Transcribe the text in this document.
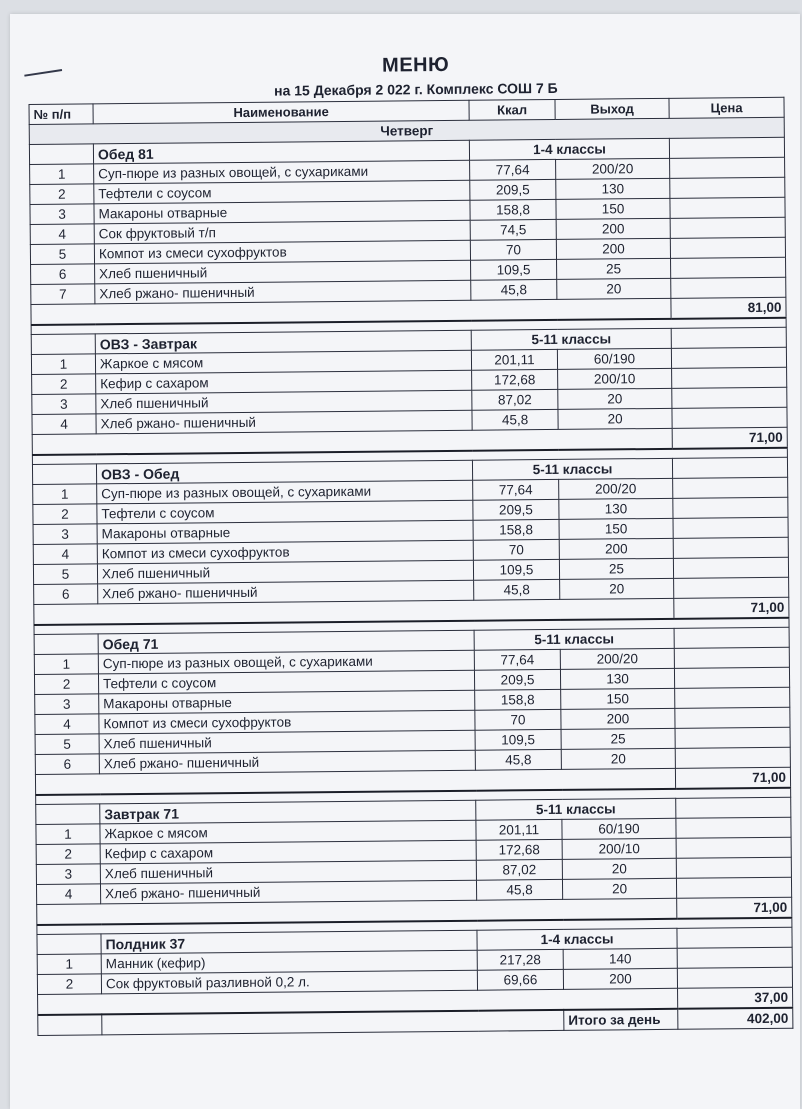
МЕНЮ
на 15 Декабря 2 022 г. Комплекс СОШ 7 Б
№ п/п	Наименование	Ккал	Выход	Цена
Четверг				
	Обед 81	1-4 классы		
1	Суп-пюре из разных овощей, с сухариками	77,64	200/20	
2	Тефтели с соусом	209,5	130	
3	Макароны отварные	158,8	150	
4	Сок фруктовый т/п	74,5	200	
5	Компот из смеси сухофруктов	70	200	
6	Хлеб пшеничный	109,5	25	
7	Хлеб ржано- пшеничный	45,8	20	
				81,00

	ОВЗ - Завтрак	5-11 классы		
1	Жаркое с мясом	201,11	60/190	
2	Кефир с сахаром	172,68	200/10	
3	Хлеб пшеничный	87,02	20	
4	Хлеб ржано- пшеничный	45,8	20	
				71,00

	ОВЗ - Обед	5-11 классы		
1	Суп-пюре из разных овощей, с сухариками	77,64	200/20	
2	Тефтели с соусом	209,5	130	
3	Макароны отварные	158,8	150	
4	Компот из смеси сухофруктов	70	200	
5	Хлеб пшеничный	109,5	25	
6	Хлеб ржано- пшеничный	45,8	20	
				71,00

	Обед 71	5-11 классы		
1	Суп-пюре из разных овощей, с сухариками	77,64	200/20	
2	Тефтели с соусом	209,5	130	
3	Макароны отварные	158,8	150	
4	Компот из смеси сухофруктов	70	200	
5	Хлеб пшеничный	109,5	25	
6	Хлеб ржано- пшеничный	45,8	20	
				71,00

	Завтрак 71	5-11 классы		
1	Жаркое с мясом	201,11	60/190	
2	Кефир с сахаром	172,68	200/10	
3	Хлеб пшеничный	87,02	20	
4	Хлеб ржано- пшеничный	45,8	20	
				71,00

	Полдник 37	1-4 классы		
1	Манник (кефир)	217,28	140	
2	Сок фруктовый разливной 0,2 л.	69,66	200	
				37,00
			Итого за день	402,00
